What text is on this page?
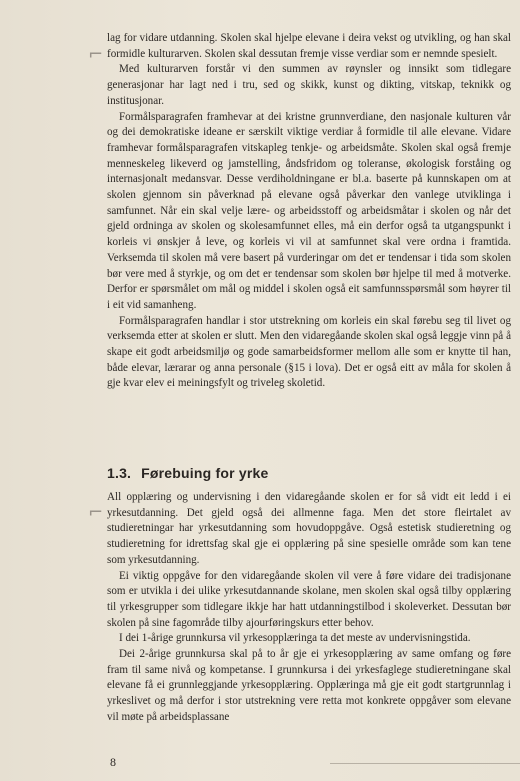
lag for vidare utdanning. Skolen skal hjelpe elevane i deira vekst og utvikling, og han skal formidle kulturarven. Skolen skal dessutan fremje visse verdiar som er nemnde spesielt.

Med kulturarven forstår vi den summen av røynsler og innsikt som tidlegare generasjonar har lagt ned i tru, sed og skikk, kunst og dikting, vitskap, teknikk og institusjonar.

Formålsparagrafen framhevar at dei kristne grunnverdiane, den nasjonale kulturen vår og dei demokratiske ideane er særskilt viktige verdiar å formidle til alle elevane. Vidare framhevar formålsparagrafen vitskapleg tenkje- og arbeidsmåte. Skolen skal også fremje menneskeleg likeverd og jamstelling, åndsfridom og toleranse, økologisk forståing og internasjonalt medansvar. Desse verdiholdningane er bl.a. baserte på kunnskapen om at skolen gjennom sin påverknad på elevane også påverkar den vanlege utviklinga i samfunnet. Når ein skal velje lære- og arbeidsstoff og arbeidsmåtar i skolen og når det gjeld ordninga av skolen og skolesamfunnet elles, må ein derfor også ta utgangspunkt i korleis vi ønskjer å leve, og korleis vi vil at samfunnet skal vere ordna i framtida. Verksemda til skolen må vere basert på vurderingar om det er tendensar i tida som skolen bør vere med å styrkje, og om det er tendensar som skolen bør hjelpe til med å motverke. Derfor er spørsmålet om mål og middel i skolen også eit samfunnsspørsmål som høyrer til i eit vid samanheng.

Formålsparagrafen handlar i stor utstrekning om korleis ein skal førebu seg til livet og verksemda etter at skolen er slutt. Men den vidaregåande skolen skal også leggje vinn på å skape eit godt arbeidsmiljø og gode samarbeidsformer mellom alle som er knytte til han, både elevar, lærarar og anna personale (§15 i lova). Det er også eitt av måla for skolen å gje kvar elev ei meiningsfylt og triveleg skoletid.

1.3. Førebuing for yrke

All opplæring og undervisning i den vidaregåande skolen er for så vidt eit ledd i ei yrkesutdanning. Det gjeld også dei allmenne faga. Men det store fleirtalet av studieretningar har yrkesutdanning som hovudoppgåve. Også estetisk studieretning og studieretning for idrettsfag skal gje ei opplæring på sine spesielle område som kan tene som yrkesutdanning.

Ei viktig oppgåve for den vidaregåande skolen vil vere å føre vidare dei tradisjonane som er utvikla i dei ulike yrkesutdannande skolane, men skolen skal også tilby opplæring til yrkesgrupper som tidlegare ikkje har hatt utdanningstilbod i skoleverket. Dessutan bør skolen på sine fagområde tilby ajourføringskurs etter behov.

I dei 1-årige grunnkursa vil yrkesopplæringa ta det meste av undervisningstida.

Dei 2-årige grunnkursa skal på to år gje ei yrkesopplæring av same omfang og føre fram til same nivå og kompetanse. I grunnkursa i dei yrkesfaglege studieretningane skal elevane få ei grunnleggjande yrkesopplæring. Opplæringa må gje eit godt startgrunnlag i yrkeslivet og må derfor i stor utstrekning vere retta mot konkrete oppgåver som elevane vil møte på arbeidsplassane

⌐
⌐
8
